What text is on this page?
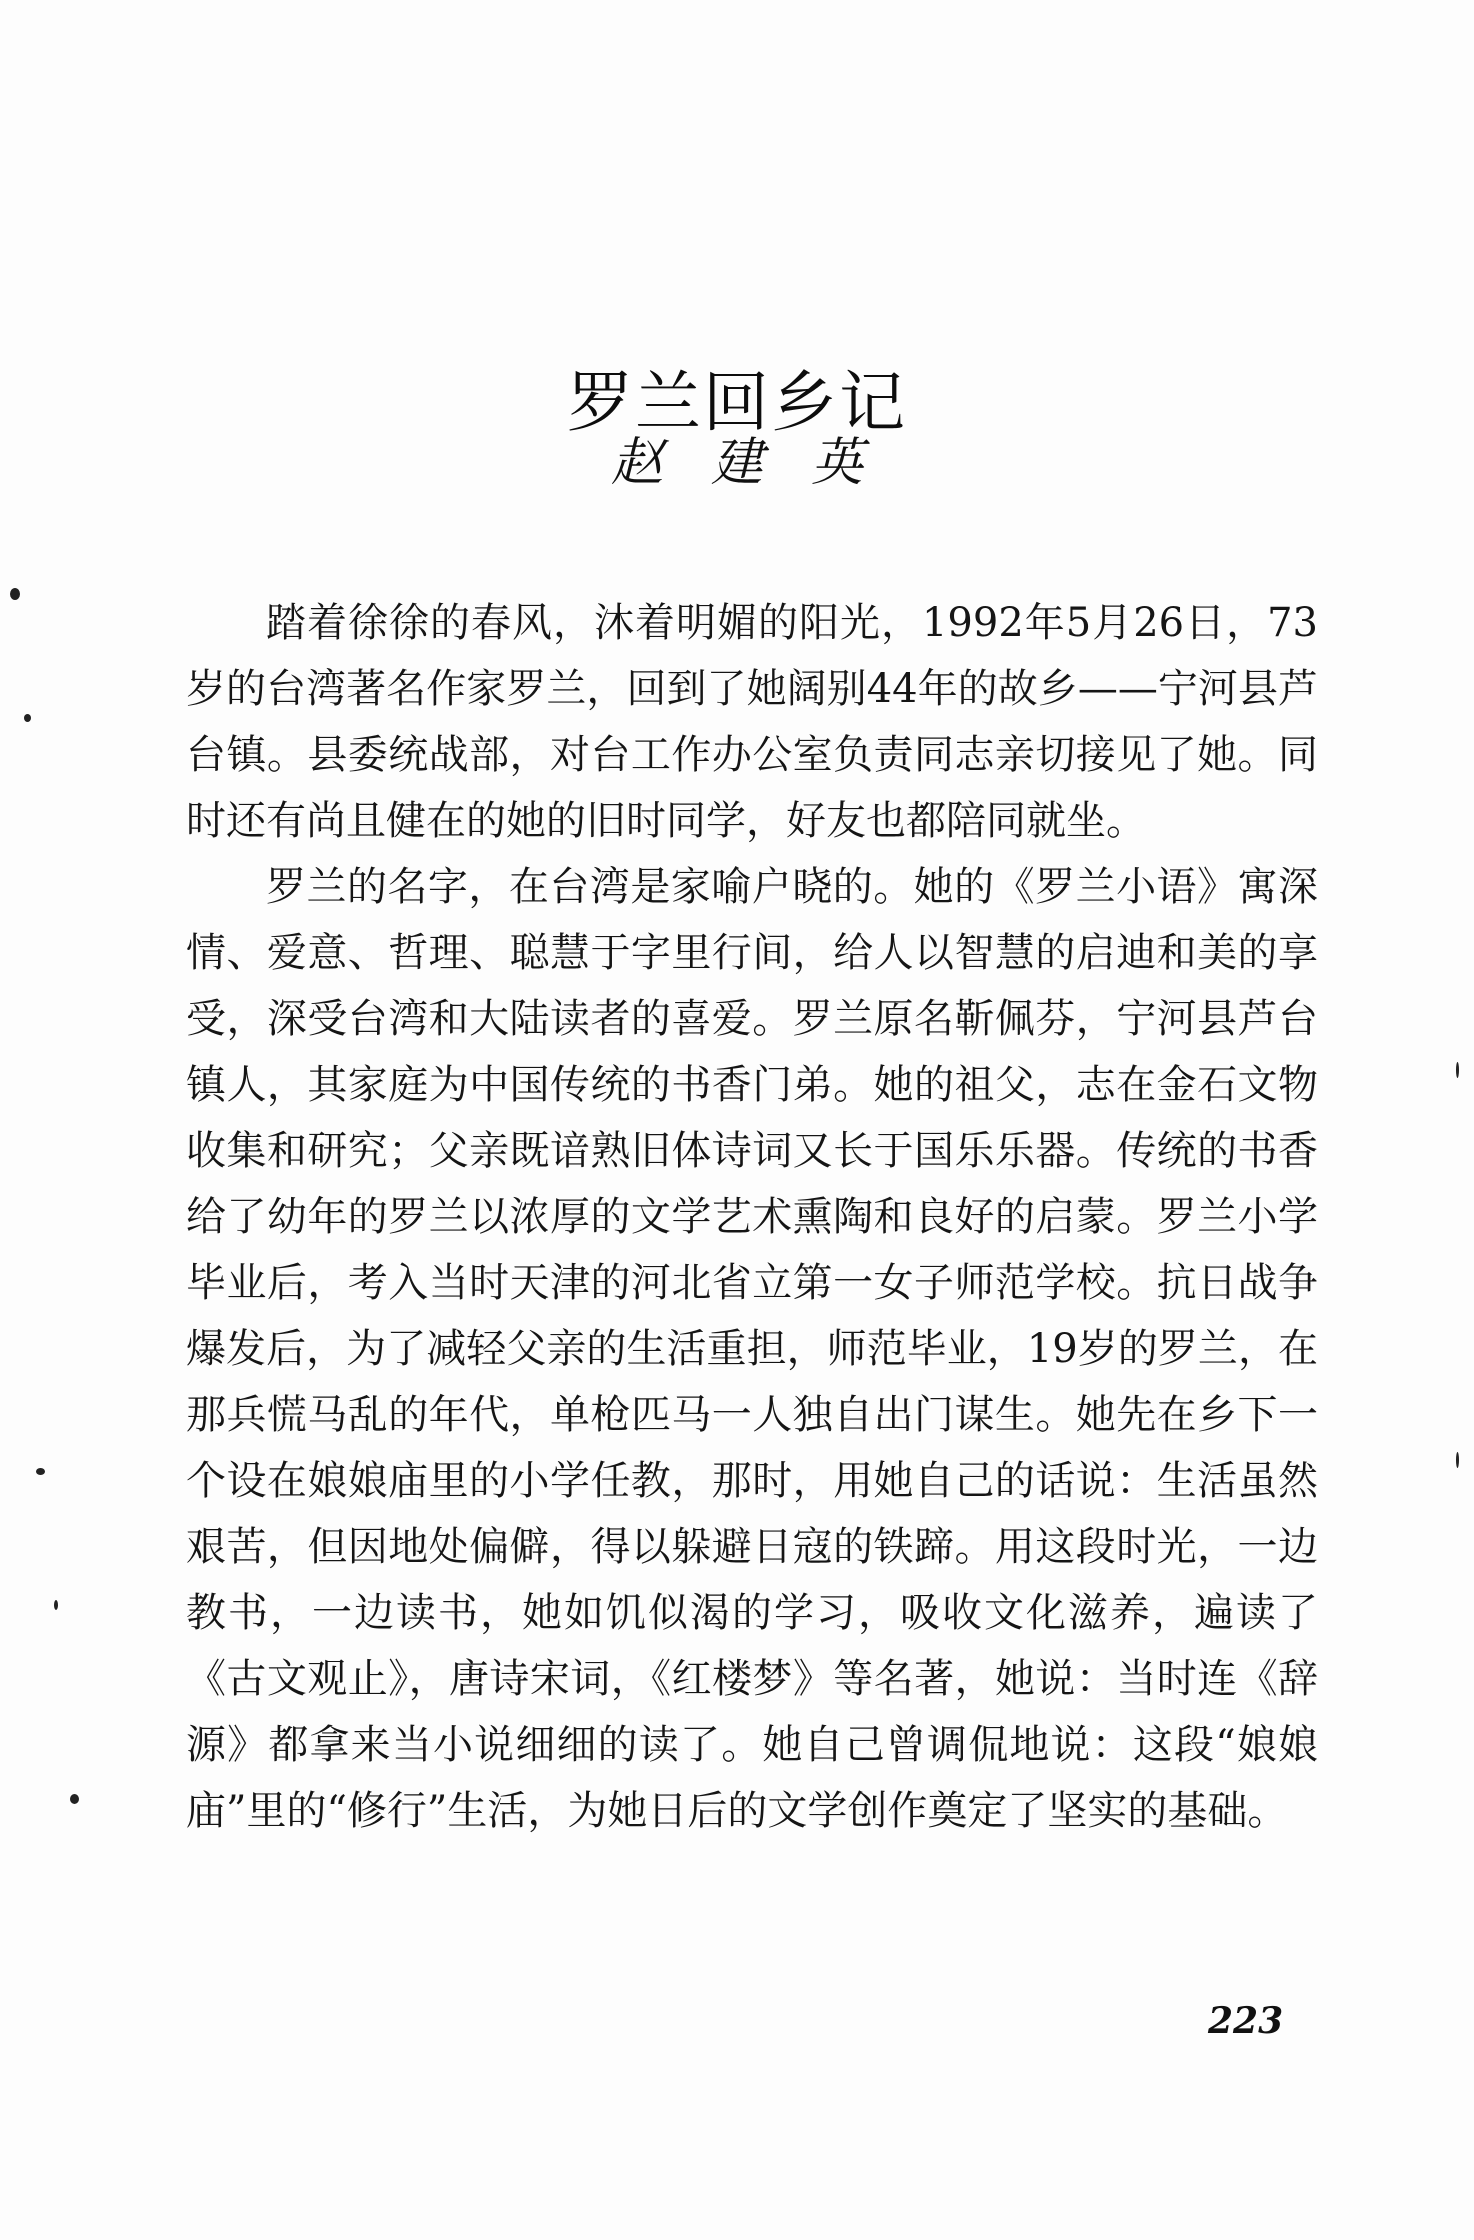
罗兰回乡记
赵建英

踏着徐徐的春风，沐着明媚的阳光，1992年5月26日，73岁的台湾著名作家罗兰，回到了她阔别44年的故乡——宁河县芦台镇。县委统战部，对台工作办公室负责同志亲切接见了她。同时还有尚且健在的她的旧时同学，好友也都陪同就坐。

罗兰的名字，在台湾是家喻户晓的。她的《罗兰小语》寓深情、爱意、哲理、聪慧于字里行间，给人以智慧的启迪和美的享受，深受台湾和大陆读者的喜爱。罗兰原名靳佩芬，宁河县芦台镇人，其家庭为中国传统的书香门弟。她的祖父，志在金石文物收集和研究；父亲既谙熟旧体诗词又长于国乐乐器。传统的书香给了幼年的罗兰以浓厚的文学艺术熏陶和良好的启蒙。罗兰小学毕业后，考入当时天津的河北省立第一女子师范学校。抗日战争爆发后，为了减轻父亲的生活重担，师范毕业，19岁的罗兰，在那兵慌马乱的年代，单枪匹马一人独自出门谋生。她先在乡下一个设在娘娘庙里的小学任教，那时，用她自己的话说：生活虽然艰苦，但因地处偏僻，得以躲避日寇的铁蹄。用这段时光，一边教书，一边读书，她如饥似渴的学习，吸收文化滋养，遍读了《古文观止》，唐诗宋词，《红楼梦》等名著，她说：当时连《辞源》都拿来当小说细细的读了。她自己曾调侃地说：这段“娘娘庙”里的“修行”生活，为她日后的文学创作奠定了坚实的基础。

223
